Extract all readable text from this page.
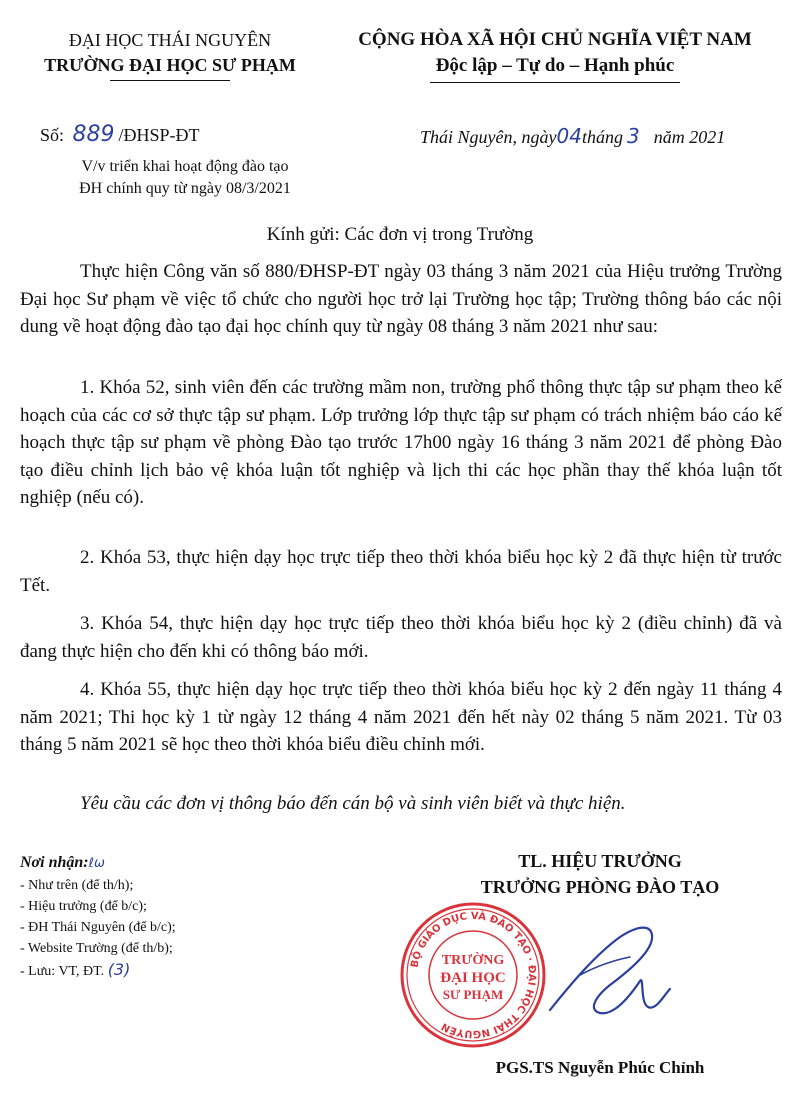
ĐẠI HỌC THÁI NGUYÊN
TRƯỜNG ĐẠI HỌC SƯ PHẠM
CỘNG HÒA XÃ HỘI CHỦ NGHĨA VIỆT NAM
Độc lập – Tự do – Hạnh phúc
Số: 889 /ĐHSP-ĐT	Thái Nguyên, ngày04tháng 3 năm 2021
V/v triển khai hoạt động đào tạo
ĐH chính quy từ ngày 08/3/2021
Kính gửi: Các đơn vị trong Trường
Thực hiện Công văn số 880/ĐHSP-ĐT ngày 03 tháng 3 năm 2021 của Hiệu trưởng Trường Đại học Sư phạm về việc tổ chức cho người học trở lại Trường học tập; Trường thông báo các nội dung về hoạt động đào tạo đại học chính quy từ ngày 08 tháng 3 năm 2021 như sau:
1. Khóa 52, sinh viên đến các trường mầm non, trường phổ thông thực tập sư phạm theo kế hoạch của các cơ sở thực tập sư phạm. Lớp trưởng lớp thực tập sư phạm có trách nhiệm báo cáo kế hoạch thực tập sư phạm về phòng Đào tạo trước 17h00 ngày 16 tháng 3 năm 2021 để phòng Đào tạo điều chỉnh lịch bảo vệ khóa luận tốt nghiệp và lịch thi các học phần thay thế khóa luận tốt nghiệp (nếu có).
2. Khóa 53, thực hiện dạy học trực tiếp theo thời khóa biểu học kỳ 2 đã thực hiện từ trước Tết.
3. Khóa 54, thực hiện dạy học trực tiếp theo thời khóa biểu học kỳ 2 (điều chỉnh) đã và đang thực hiện cho đến khi có thông báo mới.
4. Khóa 55, thực hiện dạy học trực tiếp theo thời khóa biểu học kỳ 2 đến ngày 11 tháng 4 năm 2021; Thi học kỳ 1 từ ngày 12 tháng 4 năm 2021 đến hết này 02 tháng 5 năm 2021. Từ 03 tháng 5 năm 2021 sẽ học theo thời khóa biểu điều chỉnh mới.
Yêu cầu các đơn vị thông báo đến cán bộ và sinh viên biết và thực hiện.
Nơi nhận:ℓω
- Như trên (để th/h);
- Hiệu trưởng (để b/c);
- ĐH Thái Nguyên (để b/c);
- Website Trường (để th/b);
- Lưu: VT, ĐT. (3)
TL. HIỆU TRƯỞNG
TRƯỞNG PHÒNG ĐÀO TẠO
BỘ GIÁO DỤC VÀ ĐÀO TẠO · ĐẠI HỌC THÁI NGUYÊN
TRƯỜNG
ĐẠI HỌC
SƯ PHẠM
PGS.TS Nguyễn Phúc Chỉnh
